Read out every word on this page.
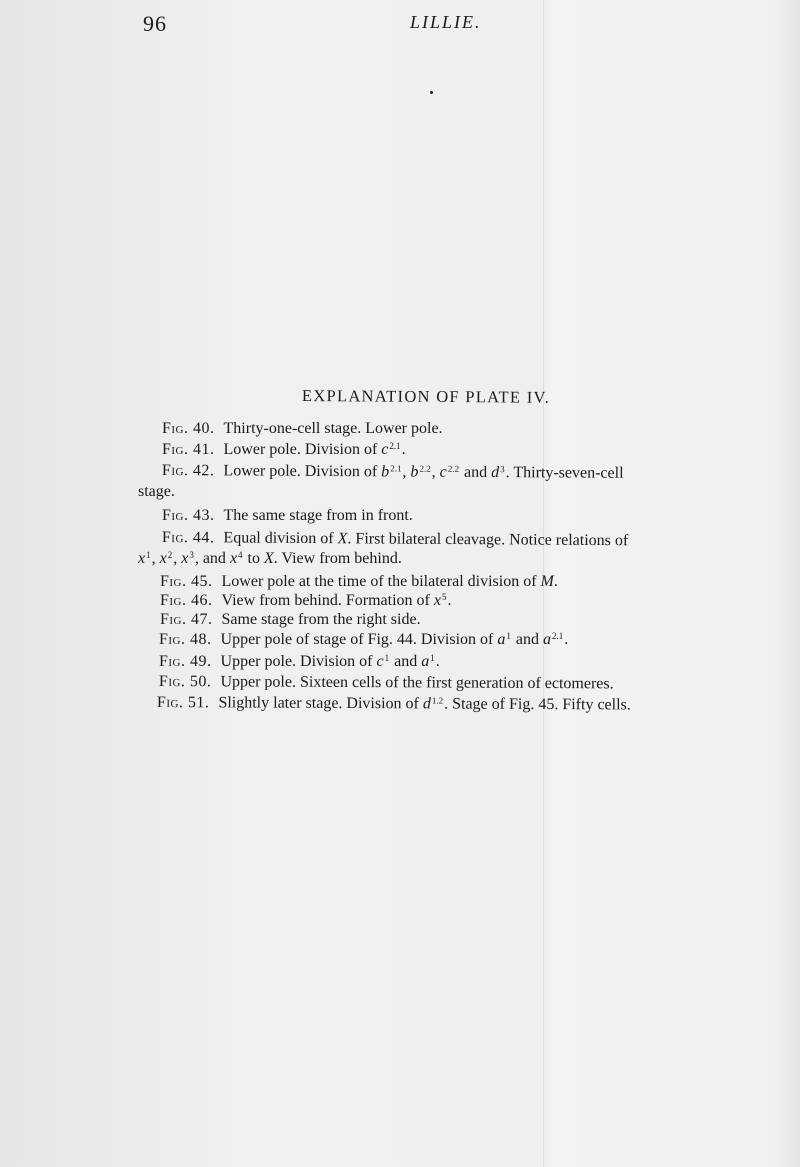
96	LILLIE.
EXPLANATION OF PLATE IV.
Fig. 40. Thirty-one-cell stage. Lower pole.
Fig. 41. Lower pole. Division of $c^{2.1}$.
Fig. 42. Lower pole. Division of $b^{2.1}$, $b^{2.2}$, $c^{2.2}$ and $d^3$. Thirty-seven-cell
stage.
Fig. 43. The same stage from in front.
Fig. 44. Equal division of X. First bilateral cleavage. Notice relations of
$x^1$, $x^2$, $x^3$, and $x^4$ to X. View from behind.
Fig. 45. Lower pole at the time of the bilateral division of M.
Fig. 46. View from behind. Formation of $x^5$.
Fig. 47. Same stage from the right side.
Fig. 48. Upper pole of stage of Fig. 44. Division of $a^1$ and $a^{2.1}$.
Fig. 49. Upper pole. Division of $c^1$ and $a^1$.
Fig. 50. Upper pole. Sixteen cells of the first generation of ectomeres.
Fig. 51. Slightly later stage. Division of $d^{1.2}$. Stage of Fig. 45. Fifty cells.
